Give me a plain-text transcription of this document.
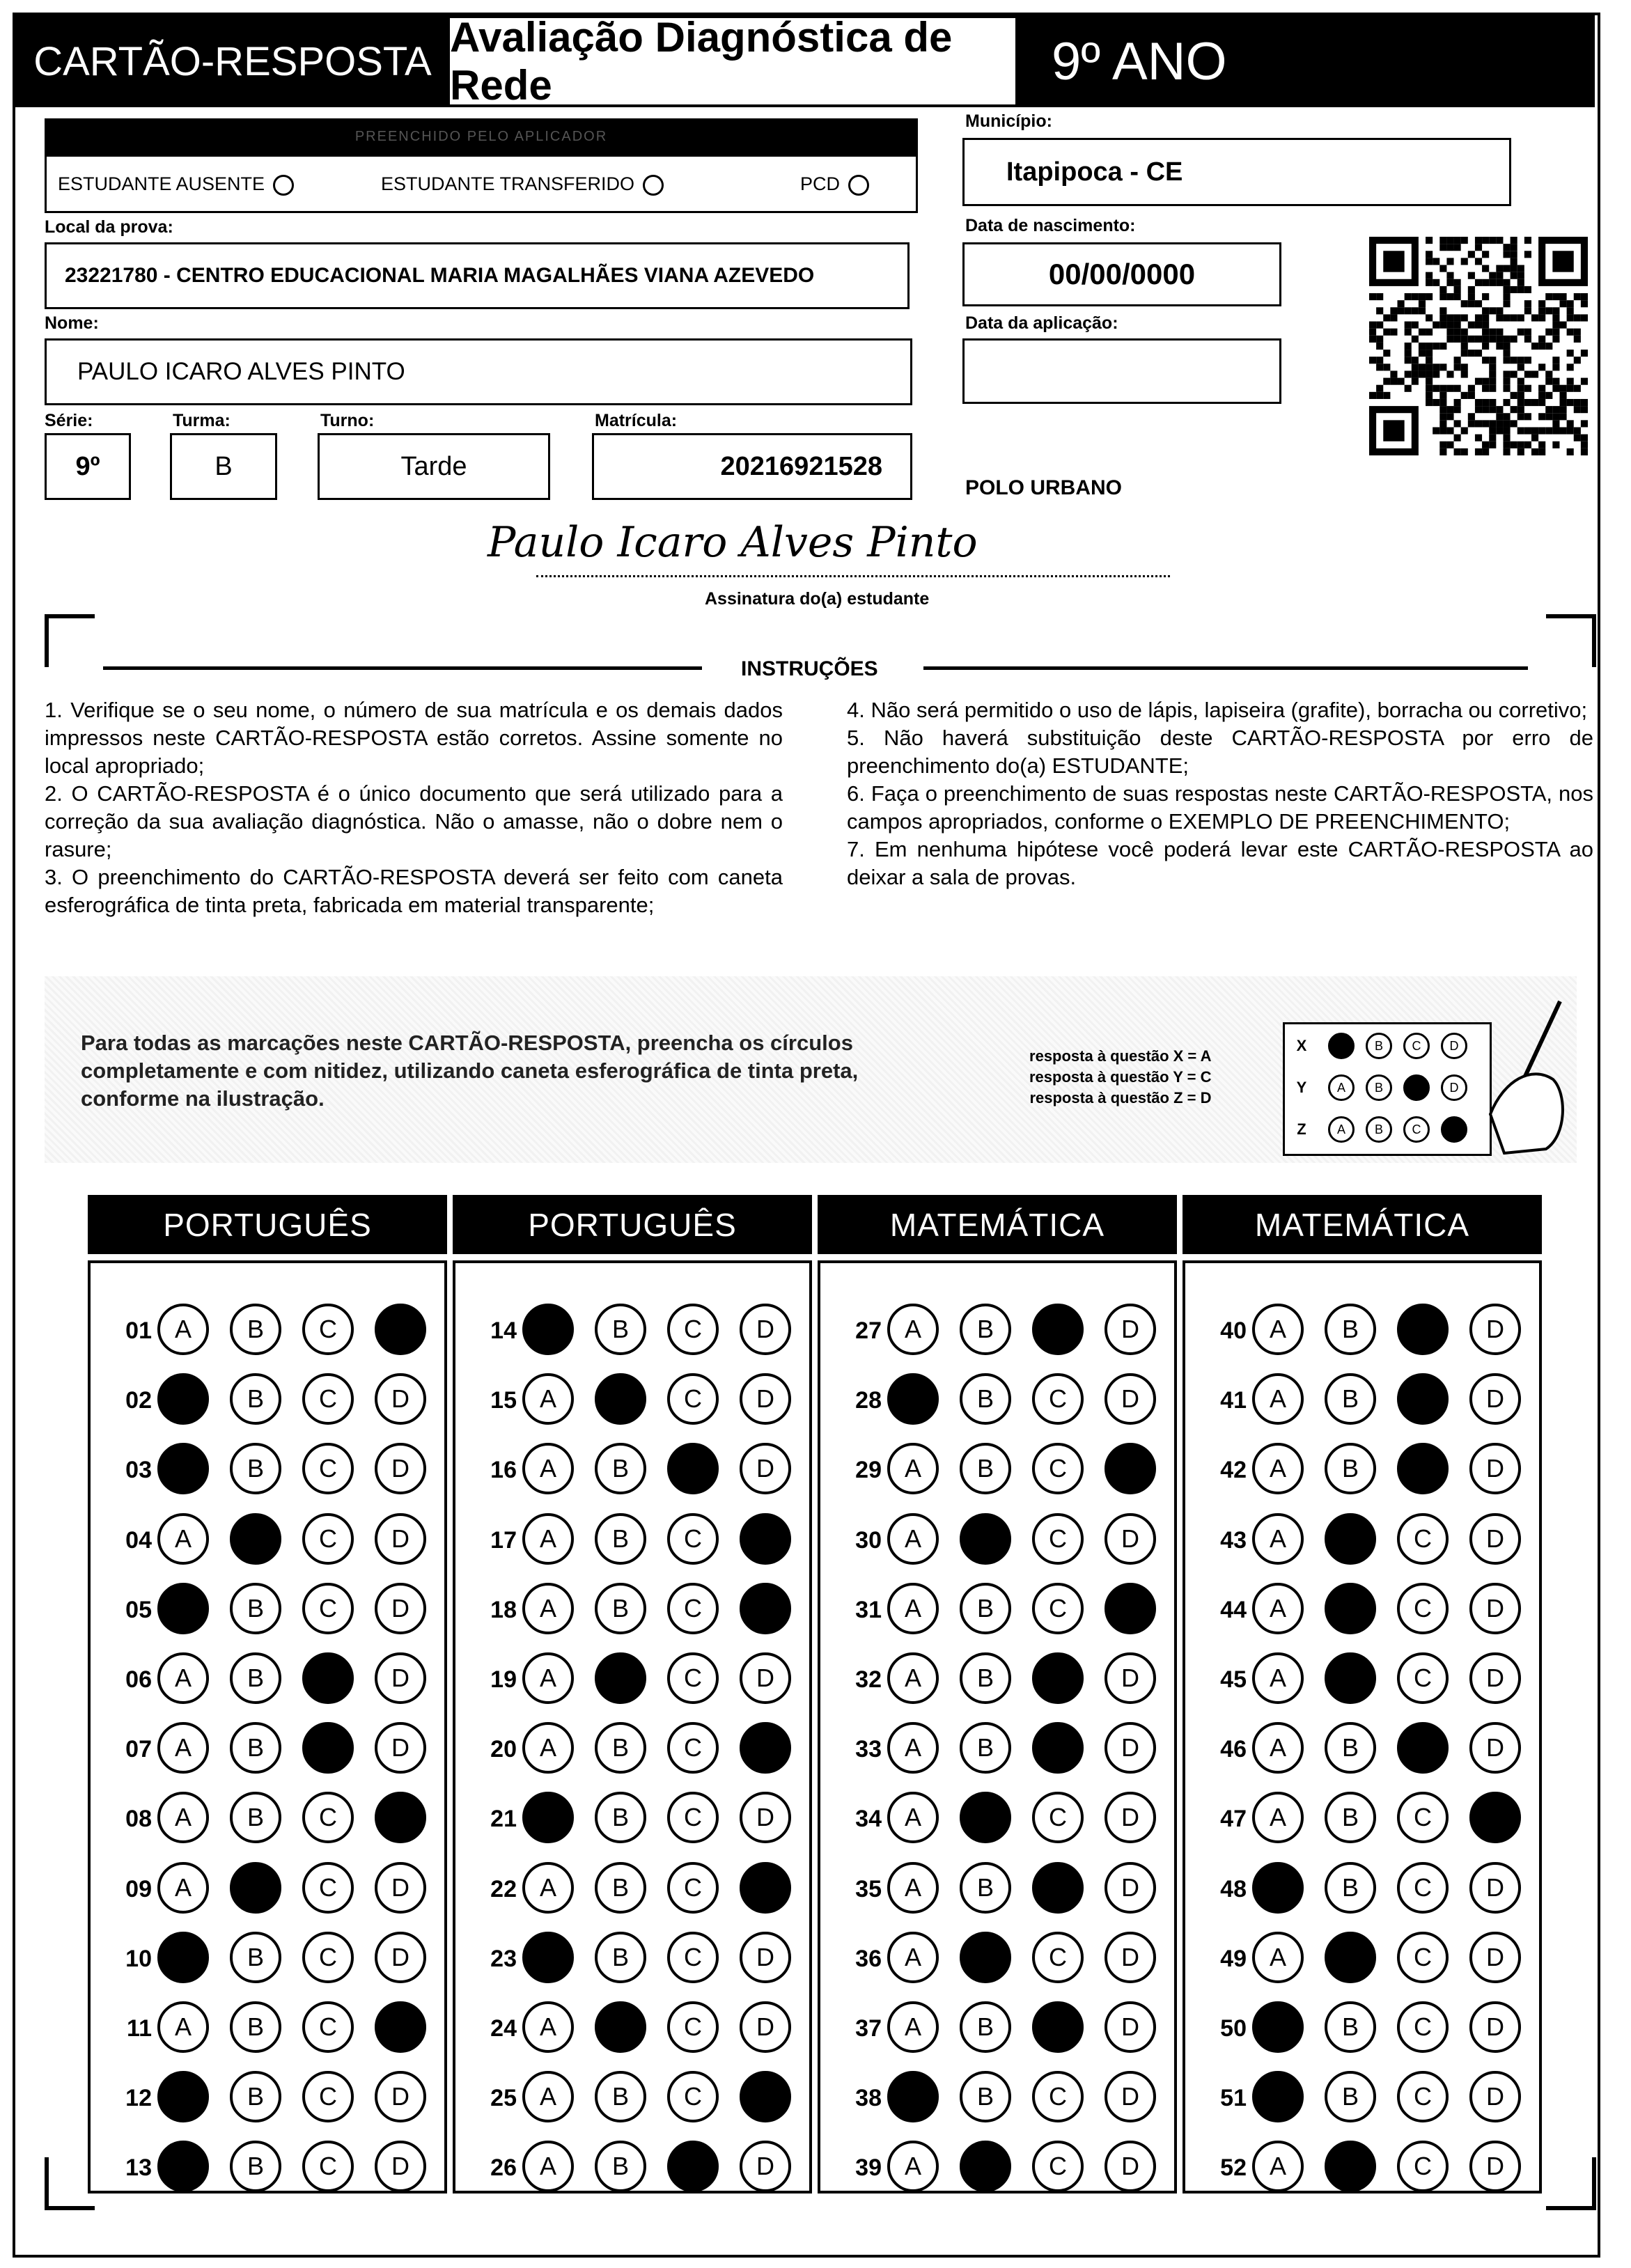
CARTÃO-RESPOSTA
Avaliação Diagnóstica de Rede	9º ANO
PREENCHIDO PELO APLICADOR
ESTUDANTE AUSENTE	ESTUDANTE TRANSFERIDO	PCD
Município:
Itapipoca - CE
Local da prova:
23221780 - CENTRO EDUCACIONAL MARIA MAGALHÃES VIANA AZEVEDO
Data de nascimento:
00/00/0000
Nome:
PAULO ICARO ALVES PINTO
Data da aplicação:
Série:
9º
Turma:
B
Turno:
Tarde
Matrícula:
20216921528
POLO URBANO
Paulo Icaro Alves Pinto
Assinatura do(a) estudante
INSTRUÇÕES
1. Verifique se o seu nome, o número de sua matrícula e os demais dados impressos neste CARTÃO-RESPOSTA estão corretos. Assine somente no local apropriado;
2. O CARTÃO-RESPOSTA é o único documento que será utilizado para a correção da sua avaliação diagnóstica. Não o amasse, não o dobre nem o rasure;
3. O preenchimento do CARTÃO-RESPOSTA deverá ser feito com caneta esferográfica de tinta preta, fabricada em material transparente;
4. Não será permitido o uso de lápis, lapiseira (grafite), borracha ou corretivo;
5. Não haverá substituição deste CARTÃO-RESPOSTA por erro de preenchimento do(a) ESTUDANTE;
6. Faça o preenchimento de suas respostas neste CARTÃO-RESPOSTA, nos campos apropriados, conforme o EXEMPLO DE PREENCHIMENTO;
7. Em nenhuma hipótese você poderá levar este CARTÃO-RESPOSTA ao deixar a sala de provas.
Para todas as marcações neste CARTÃO-RESPOSTA, preencha os círculos completamente e com nitidez, utilizando caneta esferográfica de tinta preta, conforme na ilustração.
resposta à questão X = A
resposta à questão Y = C
resposta à questão Z = D
X	A	B	C	D
Y	A	B	C	D
Z	A	B	C	D
PORTUGUÊS
01 A	B	C	D
02 A	B	C	D
03 A	B	C	D
04 A	B	C	D
05 A	B	C	D
06 A	B	C	D
07 A	B	C	D
08 A	B	C	D
09 A	B	C	D
10 A	B	C	D
11 A	B	C	D
12 A	B	C	D
13 A	B	C	D
PORTUGUÊS
14 A	B	C	D
15 A	B	C	D
16 A	B	C	D
17 A	B	C	D
18 A	B	C	D
19 A	B	C	D
20 A	B	C	D
21 A	B	C	D
22 A	B	C	D
23 A	B	C	D
24 A	B	C	D
25 A	B	C	D
26 A	B	C	D
MATEMÁTICA
27 A	B	C	D
28 A	B	C	D
29 A	B	C	D
30 A	B	C	D
31 A	B	C	D
32 A	B	C	D
33 A	B	C	D
34 A	B	C	D
35 A	B	C	D
36 A	B	C	D
37 A	B	C	D
38 A	B	C	D
39 A	B	C	D
MATEMÁTICA
40 A	B	C	D
41 A	B	C	D
42 A	B	C	D
43 A	B	C	D
44 A	B	C	D
45 A	B	C	D
46 A	B	C	D
47 A	B	C	D
48 A	B	C	D
49 A	B	C	D
50 A	B	C	D
51 A	B	C	D
52 A	B	C	D
